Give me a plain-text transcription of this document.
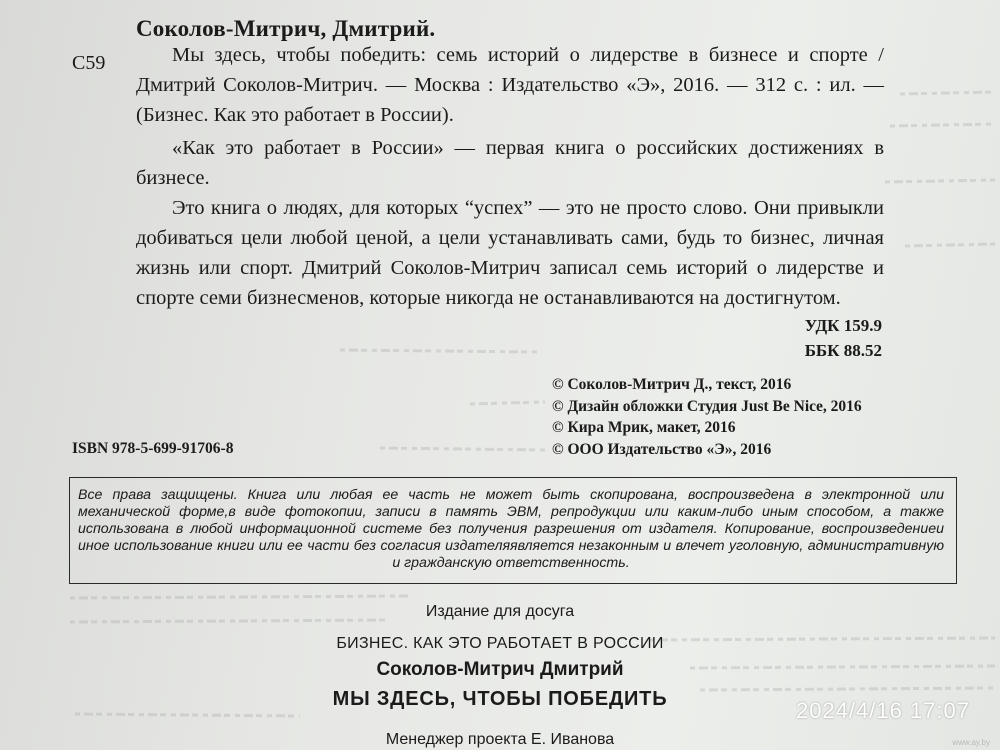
Соколов-Митрич, Дмитрий.
С59	Мы здесь, чтобы победить: семь историй о лидерстве в бизнесе и спорте / Дмитрий Соколов-Митрич. — Москва : Издательство «Э», 2016. — 312 с. : ил. — (Бизнес. Как это работает в России).

«Как это работает в России» — первая книга о российских достижениях в бизнесе.

Это книга о людях, для которых “успех” — это не просто слово. Они привыкли добиваться цели любой ценой, а цели устанавливать сами, будь то бизнес, личная жизнь или спорт. Дмитрий Соколов-Митрич записал семь историй о лидерстве и спорте семи бизнесменов, которые никогда не останавливаются на достигнутом.

УДК 159.9
ББК 88.52
© Соколов-Митрич Д., текст, 2016
© Дизайн обложки Студия Just Be Nice, 2016
© Кира Мрик, макет, 2016
© ООО Издательство «Э», 2016
ISBN 978-5-699-91706-8
Все права защищены. Книга или любая ее часть не может быть скопирована, воспроизведена в электронной или механической форме,в виде фотокопии, записи в память ЭВМ, репродукции или каким-либо иным способом, а также использована в любой информационной системе без получения разрешения от издателя. Копирование, воспроизведениеи иное использование книги или ее части без согласия издателяявляется незаконным и влечет уголовную, административную и гражданскую ответственность.
Издание для досуга
БИЗНЕС. КАК ЭТО РАБОТАЕТ В РОССИИ
Соколов-Митрич Дмитрий
МЫ ЗДЕСЬ, ЧТОБЫ ПОБЕДИТЬ
Менеджер проекта Е. Иванова
2024/4/16 17:07
www.ay.by
